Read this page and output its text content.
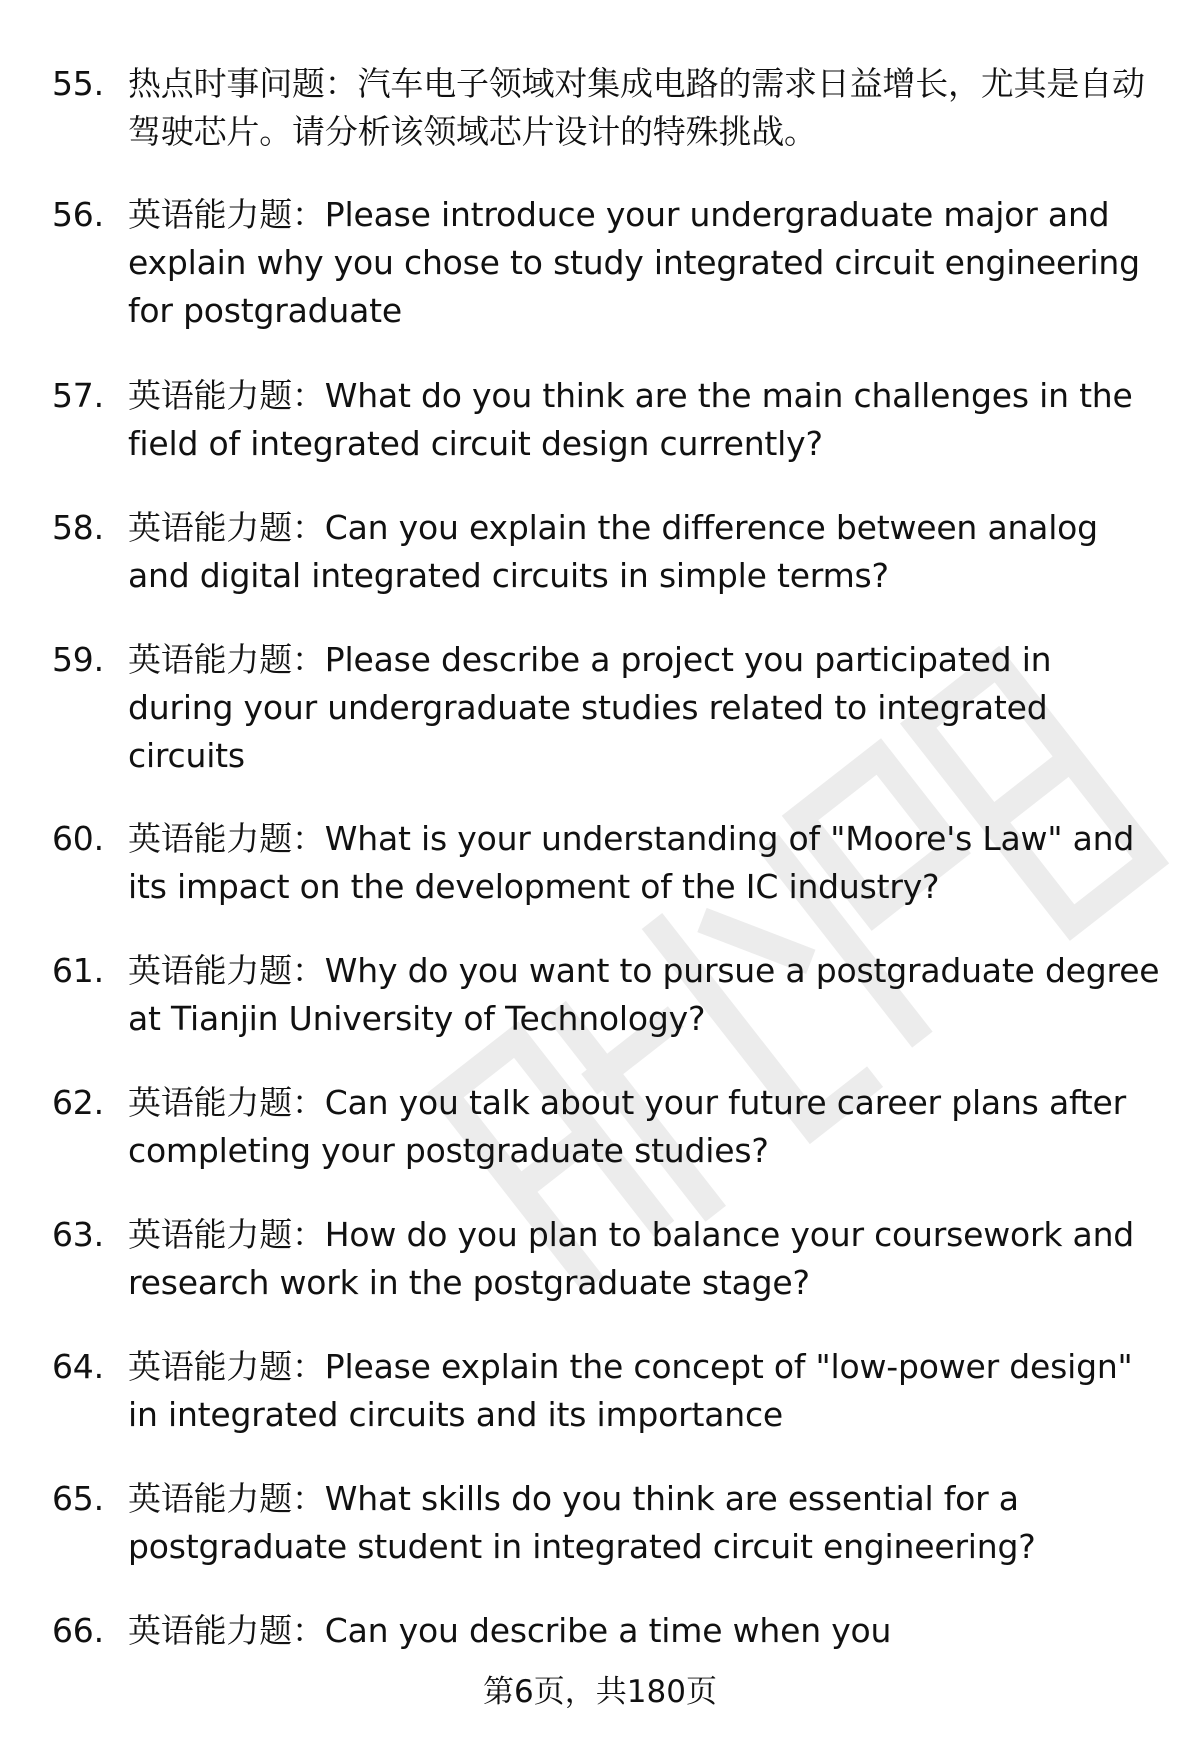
55. 热点时事问题：汽车电子领域对集成电路的需求日益增长，尤其是自动驾驶芯片。请分析该领域芯片设计的特殊挑战。
56. 英语能力题：Please introduce your undergraduate major and explain why you chose to study integrated circuit engineering for postgraduate
57. 英语能力题：What do you think are the main challenges in the field of integrated circuit design currently?
58. 英语能力题：Can you explain the difference between analog and digital integrated circuits in simple terms?
59. 英语能力题：Please describe a project you participated in during your undergraduate studies related to integrated circuits
60. 英语能力题：What is your understanding of "Moore's Law" and its impact on the development of the IC industry?
61. 英语能力题：Why do you want to pursue a postgraduate degree at Tianjin University of Technology?
62. 英语能力题：Can you talk about your future career plans after completing your postgraduate studies?
63. 英语能力题：How do you plan to balance your coursework and research work in the postgraduate stage?
64. 英语能力题：Please explain the concept of "low-power design" in integrated circuits and its importance
65. 英语能力题：What skills do you think are essential for a postgraduate student in integrated circuit engineering?
66. 英语能力题：Can you describe a time when you
第6页，共180页
